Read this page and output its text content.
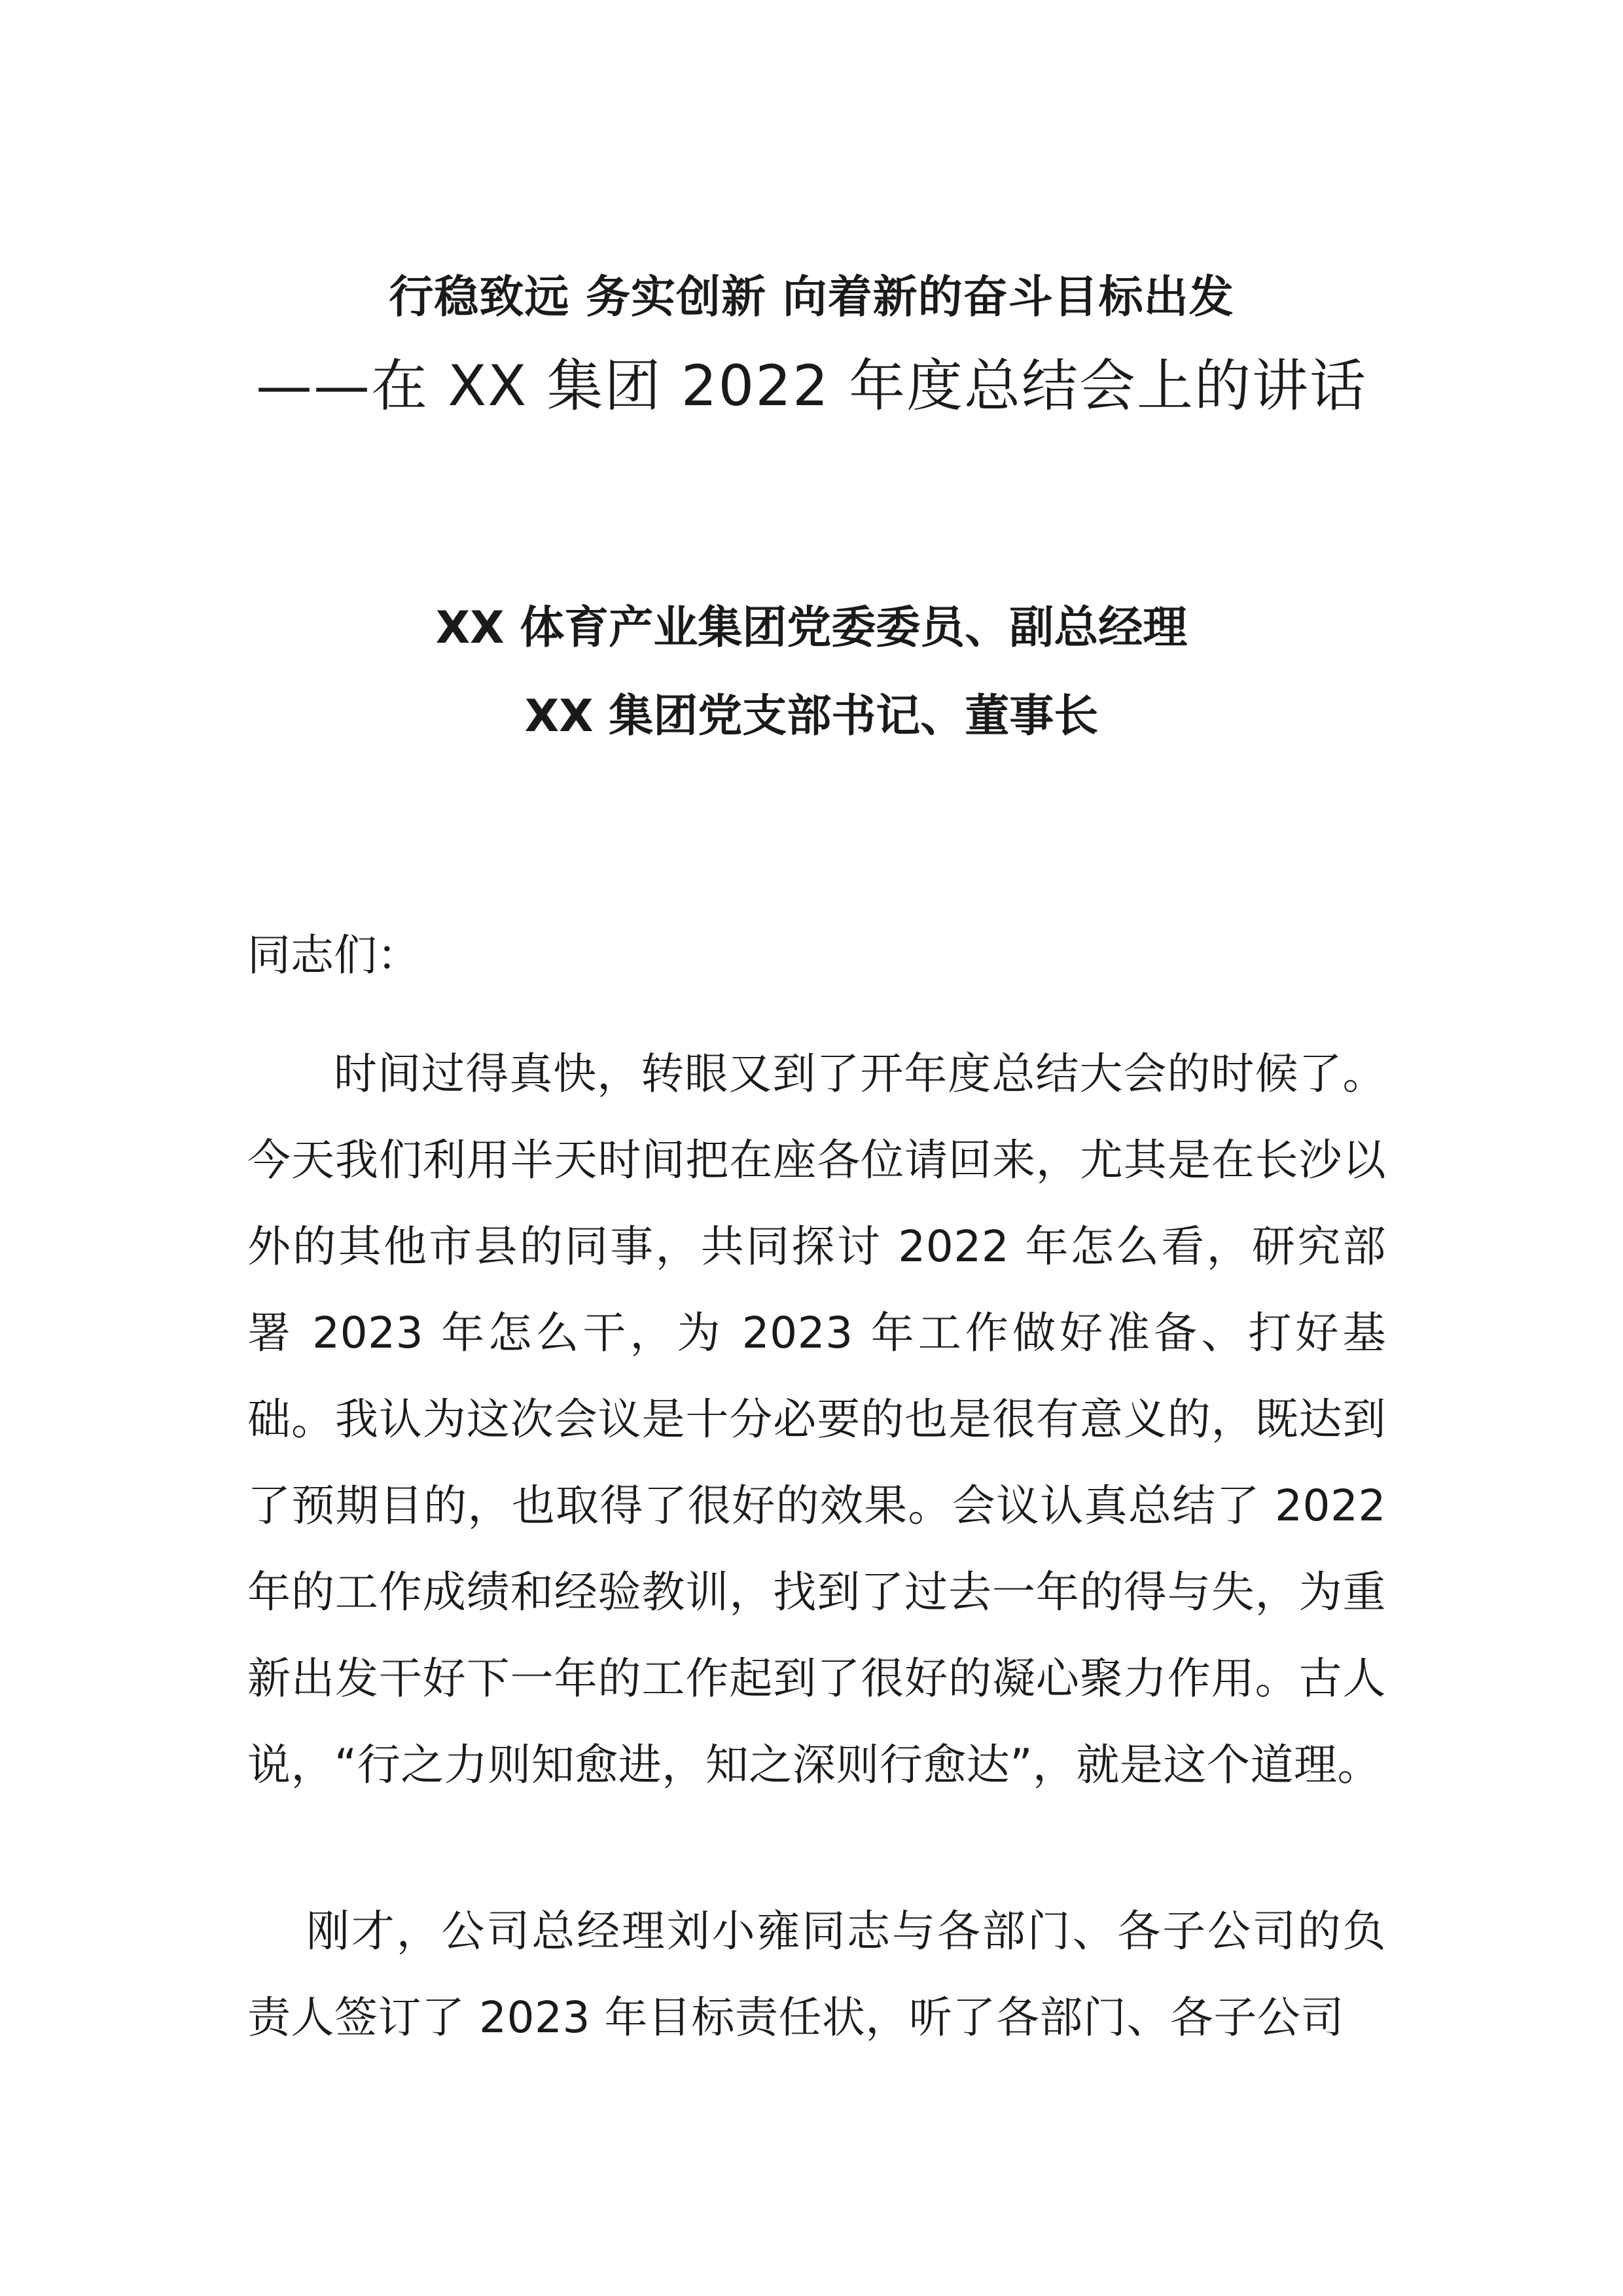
行稳致远 务实创新 向着新的奋斗目标出发
——在 XX 集团 2022 年度总结会上的讲话
XX 体育产业集团党委委员、副总经理
XX 集团党支部书记、董事长
同志们：

时间过得真快，转眼又到了开年度总结大会的时候了。今天我们利用半天时间把在座各位请回来，尤其是在长沙以外的其他市县的同事，共同探讨 2022 年怎么看，研究部署 2023 年怎么干，为 2023 年工作做好准备、打好基础。我认为这次会议是十分必要的也是很有意义的，既达到了预期目的，也取得了很好的效果。会议认真总结了 2022 年的工作成绩和经验教训，找到了过去一年的得与失，为重新出发干好下一年的工作起到了很好的凝心聚力作用。古人说，“行之力则知愈进，知之深则行愈达”，就是这个道理。

刚才，公司总经理刘小雍同志与各部门、各子公司的负责人签订了 2023 年目标责任状，听了各部门、各子公司
